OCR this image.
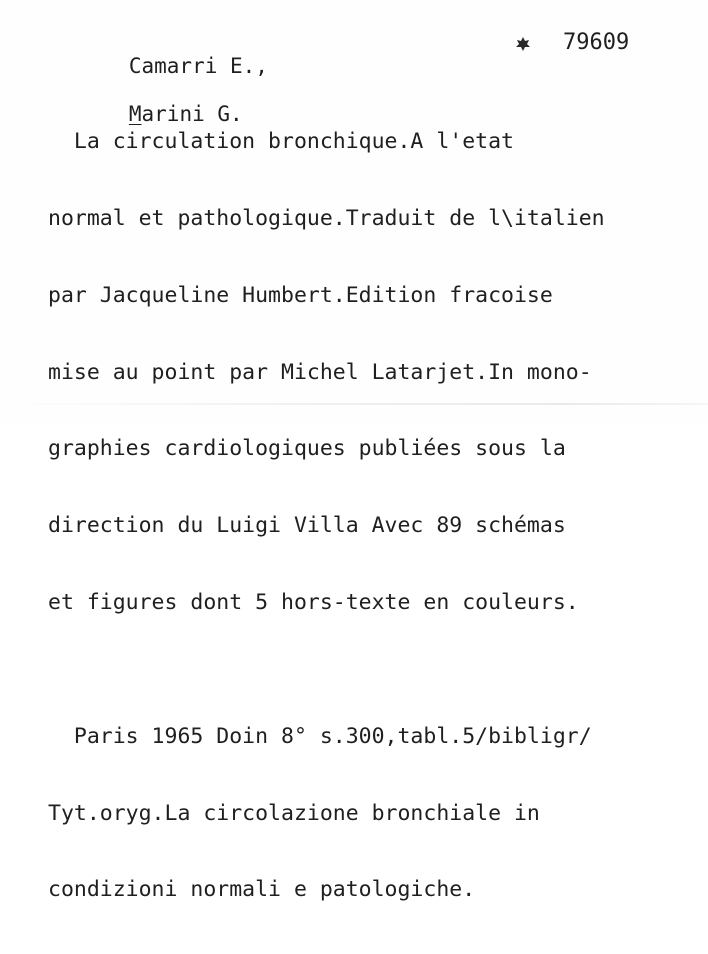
Camarri E.,

Marini G.

79609

La circulation bronchique.A l'etat

normal et pathologique.Traduit de l\italien

par Jacqueline Humbert.Edition fracoise

mise au point par Michel Latarjet.In mono-

graphies cardiologiques publiées sous la

direction du Luigi Villa Avec 89 schémas

et figures dont 5 hors-texte en couleurs.

Paris 1965 Doin 8° s.300,tabl.5/bibligr/

Tyt.oryg.La circolazione bronchiale in

condizioni normali e patologiche.
